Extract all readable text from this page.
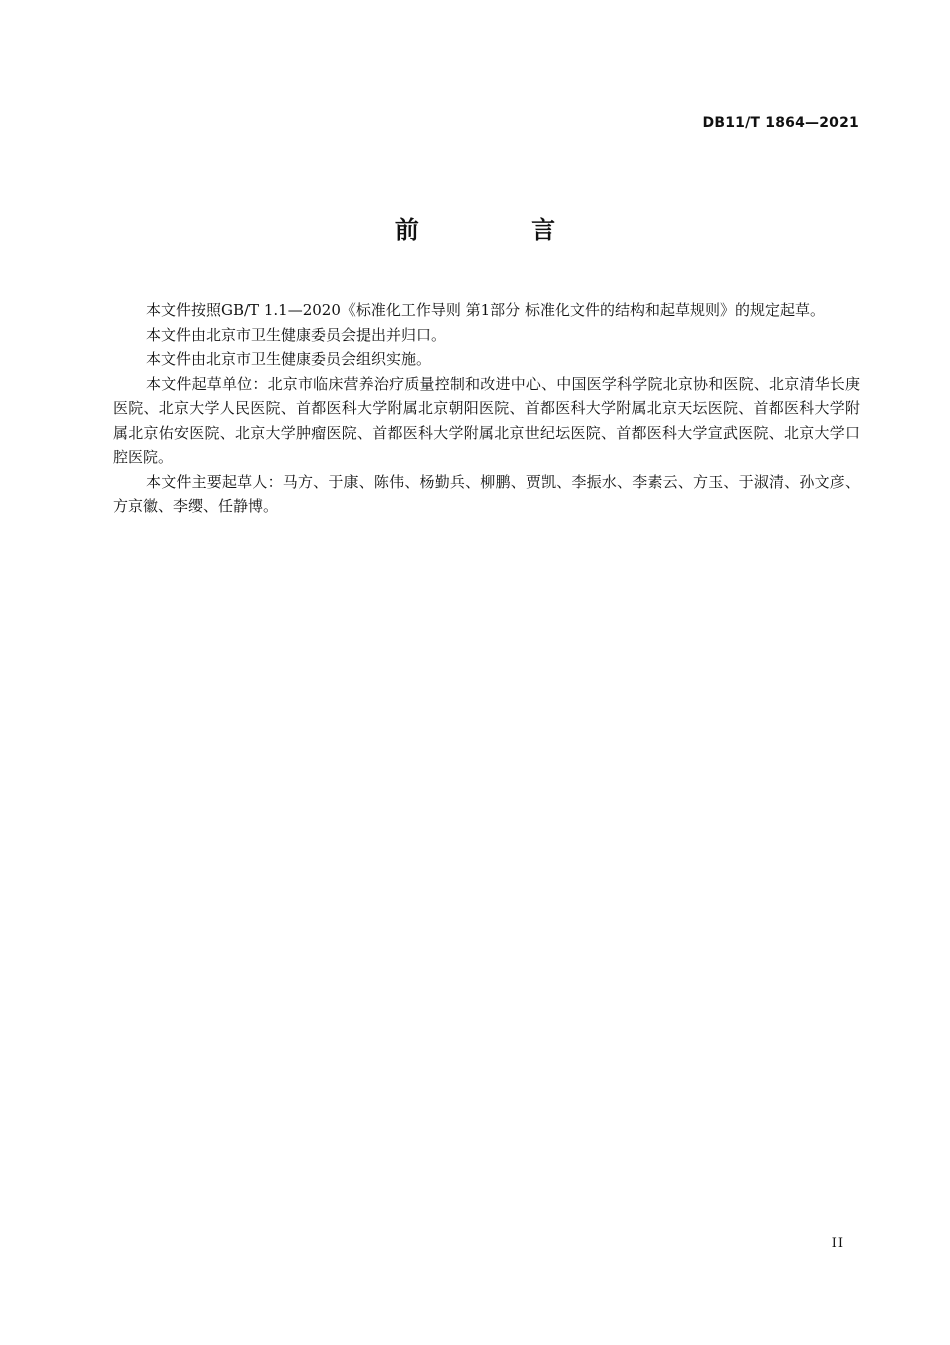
DB11/T 1864—2021
前 言

本文件按照GB/T 1.1—2020《标准化工作导则 第1部分 标准化文件的结构和起草规则》的规定起草。

本文件由北京市卫生健康委员会提出并归口。

本文件由北京市卫生健康委员会组织实施。

本文件起草单位：北京市临床营养治疗质量控制和改进中心、中国医学科学院北京协和医院、北京清华长庚医院、北京大学人民医院、首都医科大学附属北京朝阳医院、首都医科大学附属北京天坛医院、首都医科大学附属北京佑安医院、北京大学肿瘤医院、首都医科大学附属北京世纪坛医院、首都医科大学宣武医院、北京大学口腔医院。

本文件主要起草人：马方、于康、陈伟、杨勤兵、柳鹏、贾凯、李振水、李素云、方玉、于淑清、孙文彦、方京徽、李缨、任静博。

II
